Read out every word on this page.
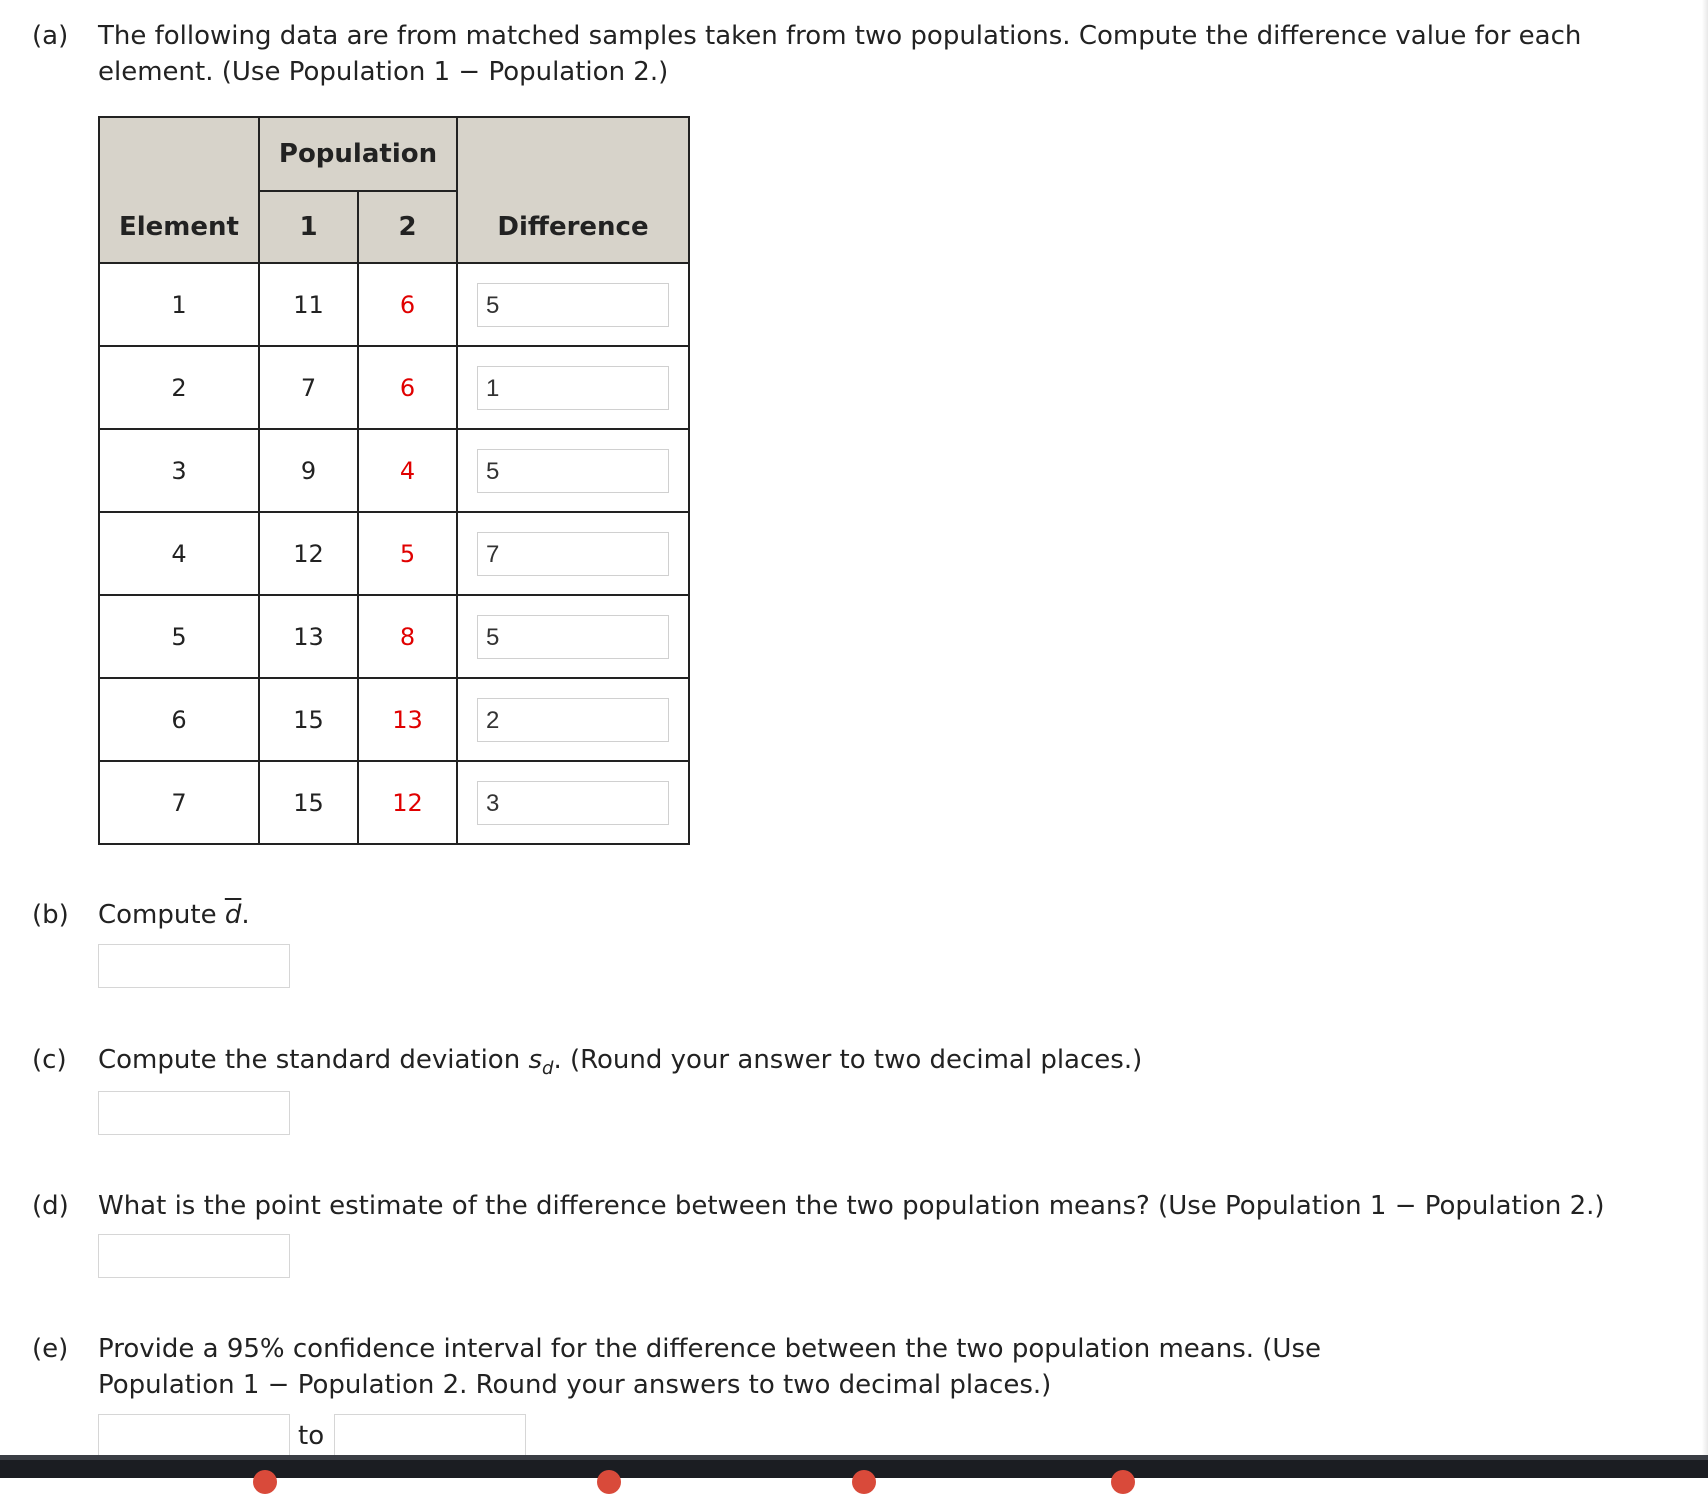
(a) The following data are from matched samples taken from two populations. Compute the difference value for each
element. (Use Population 1 − Population 2.)
	Population		
Element	1	2	Difference
1	11	6	5

2	7	6	1

3	9	4	5

4	12	5	7

5	13	8	5

6	15	13	2

7	15	12	3
(b) Compute $\overline{d}$.
(c) Compute the standard deviation $s_d$. (Round your answer to two decimal places.)
(d) What is the point estimate of the difference between the two population means? (Use Population 1 − Population 2.)
(e) Provide a 95% confidence interval for the difference between the two population means. (Use
Population 1 − Population 2. Round your answers to two decimal places.)
to
